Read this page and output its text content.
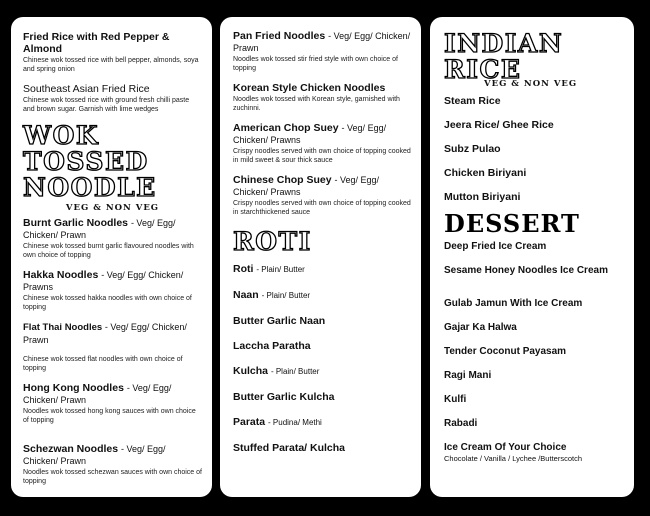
Fried Rice with Red Pepper & Almond
Chinese wok tossed rice with bell pepper, almonds, soya and spring onion
Southeast Asian Fried Rice
Chinese wok tossed rice with ground fresh chilli paste and brown sugar. Garnish with lime wedges
WOK
TOSSED
NOODLE
VEG & NON VEG
Burnt Garlic Noodles - Veg/ Egg/ Chicken/ Prawn
Chinese wok tossed burnt garlic flavoured noodles with own choice of topping
Hakka Noodles - Veg/ Egg/ Chicken/ Prawns
Chinese wok tossed hakka noodles with own choice of topping
Flat Thai Noodles - Veg/ Egg/ Chicken/ Prawn
Chinese wok tossed flat noodles with own choice of topping
Hong Kong Noodles - Veg/ Egg/ Chicken/ Prawn
Noodles wok tossed hong kong sauces with own choice of topping
Schezwan Noodles - Veg/ Egg/ Chicken/ Prawn
Noodles wok tossed schezwan sauces with own choice of topping
Pan Fried Noodles - Veg/ Egg/ Chicken/ Prawn
Noodles wok tossed stir fried style with own choice of topping
Korean Style Chicken Noodles
Noodles wok tossed with Korean style, garnished with zuchinni.
American Chop Suey - Veg/ Egg/ Chicken/ Prawns
Crispy noodles served with own choice of topping cooked in mild sweet & sour thick sauce
Chinese Chop Suey - Veg/ Egg/ Chicken/ Prawns
Crispy noodles served with own choice of topping cooked in starchthickened sauce
ROTI
Roti - Plain/ Butter
Naan - Plain/ Butter
Butter Garlic Naan
Laccha Paratha
Kulcha - Plain/ Butter
Butter Garlic Kulcha
Parata - Pudina/ Methi
Stuffed Parata/ Kulcha
INDIAN
RICE
VEG & NON VEG
Steam Rice
Jeera Rice/ Ghee Rice
Subz Pulao
Chicken Biriyani
Mutton Biriyani
DESSERT
Deep Fried Ice Cream
Sesame Honey Noodles Ice Cream
Gulab Jamun With Ice Cream
Gajar Ka Halwa
Tender Coconut Payasam
Ragi Mani
Kulfi
Rabadi
Ice Cream Of Your Choice
Chocolate / Vanilla / Lychee /Butterscotch
